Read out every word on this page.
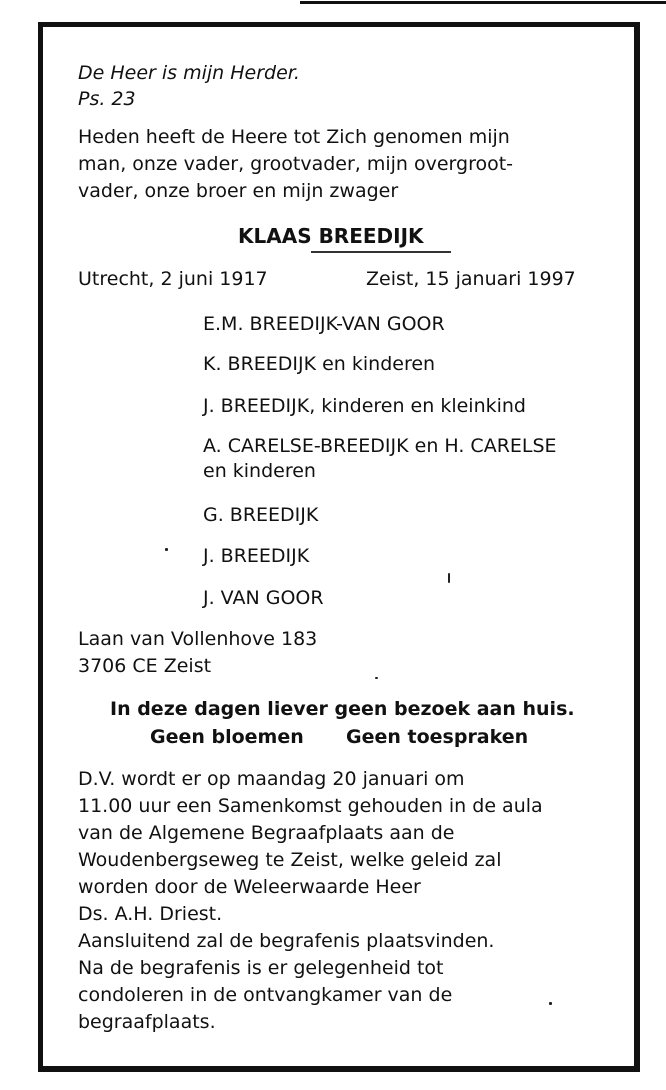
De Heer is mijn Herder.
Ps. 23
Heden heeft de Heere tot Zich genomen mijn
man, onze vader, grootvader, mijn overgroot-
vader, onze broer en mijn zwager
KLAAS BREEDIJK
Utrecht, 2 juni 1917	Zeist, 15 januari 1997
E.M. BREEDIJK-VAN GOOR
K. BREEDIJK en kinderen
J. BREEDIJK, kinderen en kleinkind
A. CARELSE-BREEDIJK en H. CARELSE
en kinderen
G. BREEDIJK
J. BREEDIJK
J. VAN GOOR
Laan van Vollenhove 183
3706 CE Zeist
In deze dagen liever geen bezoek aan huis.
Geen bloemen Geen toespraken
D.V. wordt er op maandag 20 januari om
11.00 uur een Samenkomst gehouden in de aula
van de Algemene Begraafplaats aan de
Woudenbergseweg te Zeist, welke geleid zal
worden door de Weleerwaarde Heer
Ds. A.H. Driest.
Aansluitend zal de begrafenis plaatsvinden.
Na de begrafenis is er gelegenheid tot
condoleren in de ontvangkamer van de
begraafplaats.
